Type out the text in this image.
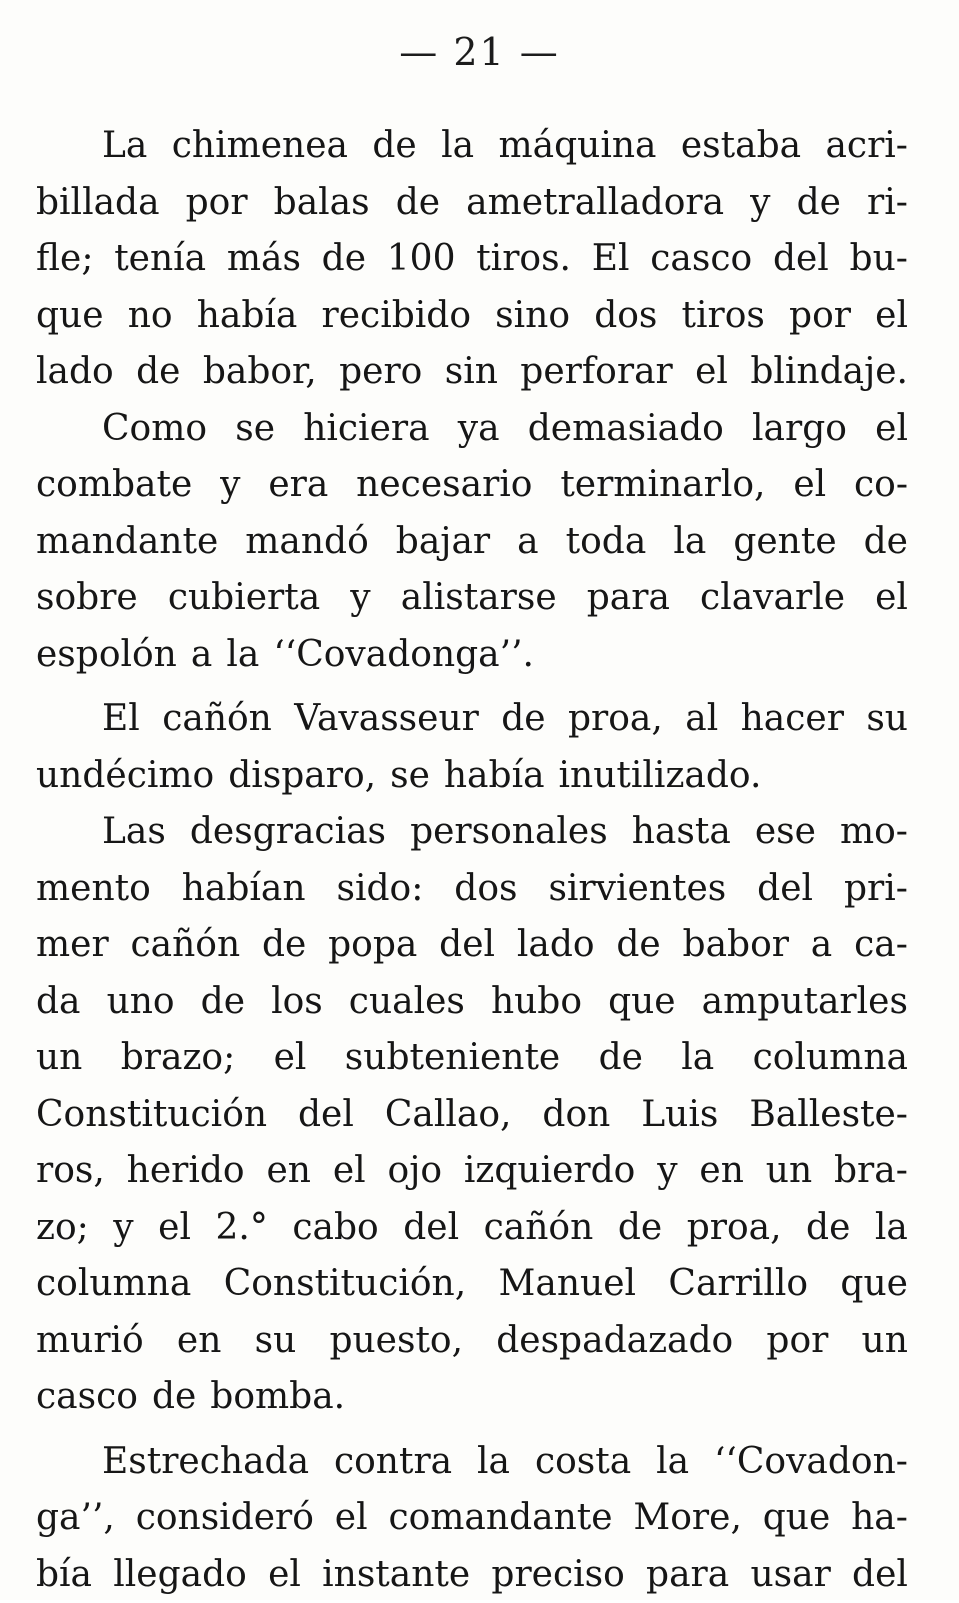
— 21 —
La chimenea de la máquina estaba acri-
billada por balas de ametralladora y de ri-
fle; tenía más de 100 tiros. El casco del bu-
que no había recibido sino dos tiros por el
lado de babor, pero sin perforar el blindaje.
Como se hiciera ya demasiado largo el
combate y era necesario terminarlo, el co-
mandante mandó bajar a toda la gente de
sobre cubierta y alistarse para clavarle el
espolón a la ‘‘Covadonga’’.
El cañón Vavasseur de proa, al hacer su
undécimo disparo, se había inutilizado.
Las desgracias personales hasta ese mo-
mento habían sido: dos sirvientes del pri-
mer cañón de popa del lado de babor a ca-
da uno de los cuales hubo que amputarles
un brazo; el subteniente de la columna
Constitución del Callao, don Luis Balleste-
ros, herido en el ojo izquierdo y en un bra-
zo; y el 2.° cabo del cañón de proa, de la
columna Constitución, Manuel Carrillo que
murió en su puesto, despadazado por un
casco de bomba.
Estrechada contra la costa la ‘‘Covadon-
ga’’, consideró el comandante More, que ha-
bía llegado el instante preciso para usar del
